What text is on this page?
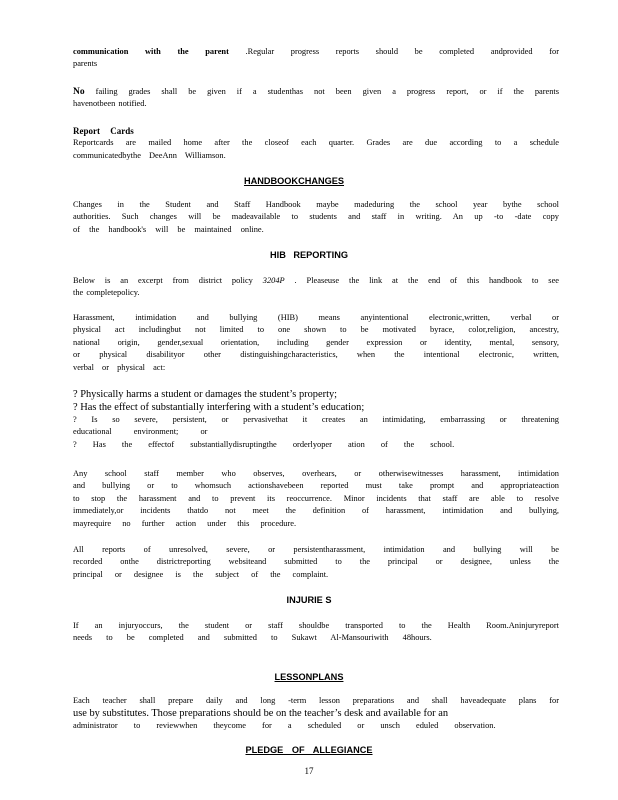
communication with the parent .Regular progress reports should be completed andprovided for
parents
No failing grades shall be given if a studenthas not been given a progress report, or if the parents
havenotbeen notified.
Report Cards
Reportcards are mailed home after the closeof each quarter. Grades are due according to a schedule
communicatedbythe DeeAnn Williamson.
HANDBOOKCHANGES
Changes in the Student and Staff Handbook maybe madeduring the school year bythe school
authorities. Such changes will be madeavailable to students and staff in writing. An up -to -date copy
of the handbook's will be maintained online.
HIB REPORTING
Below is an excerpt from district policy 3204P . Pleaseuse the link at the end of this handbook to see
the completepolicy.
Harassment, intimidation and bullying (HIB) means anyintentional electronic,written, verbal or
physical act includingbut not limited to one shown to be motivated byrace, color,religion, ancestry,
national origin, gender,sexual orientation, including gender expression or identity, mental, sensory,
or physical disabilityor other distinguishingcharacteristics, when the intentional electronic, written,
verbal or physical act:
? Physically harms a student or damages the student’s property;
? Has the effect of substantially interfering with a student’s education;
? Is so severe, persistent, or pervasivethat it creates an intimidating, embarrassing or threatening
educational environment; or
? Has the effectof substantiallydisruptingthe orderlyoper ation of the school.
Any school staff member who observes, overhears, or otherwisewitnesses harassment, intimidation
and bullying or to whomsuch actionshavebeen reported must take prompt and appropriateaction
to stop the harassment and to prevent its reoccurrence. Minor incidents that staff are able to resolve
immediately,or incidents thatdo not meet the definition of harassment, intimidation and bullying,
mayrequire no further action under this procedure.
All reports of unresolved, severe, or persistentharassment, intimidation and bullying will be
recorded onthe districtreporting websiteand submitted to the principal or designee, unless the
principal or designee is the subject of the complaint.
INJURIE S
If an injuryoccurs, the student or staff shouldbe transported to the Health Room.Aninjuryreport
needs to be completed and submitted to Sukawt Al-Mansouriwith 48hours.
LESSONPLANS
Each teacher shall prepare daily and long -term lesson preparations and shall haveadequate plans for
use by substitutes. Those preparations should be on the teacher’s desk and available for an
administrator to reviewwhen theycome for a scheduled or unsch eduled observation.
PLEDGE OF ALLEGIANCE
17
